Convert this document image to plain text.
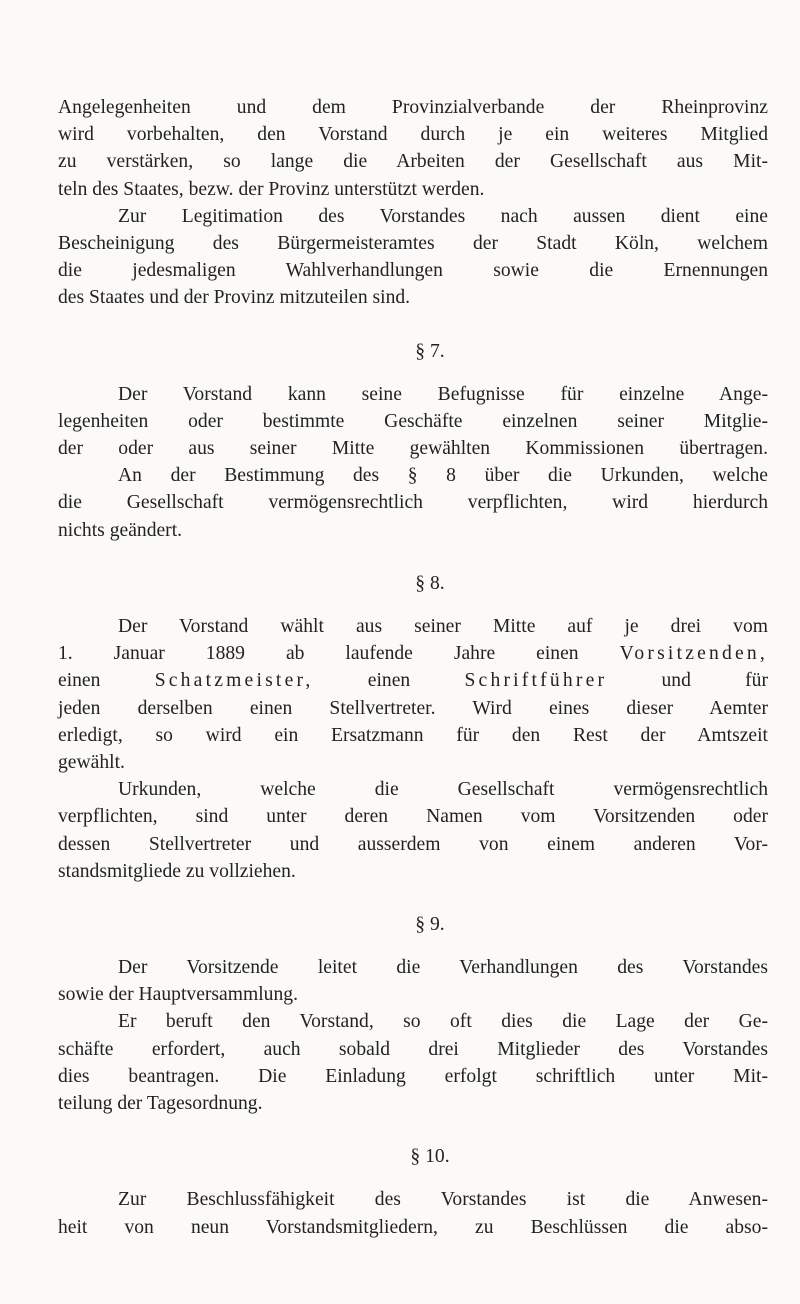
Angelegenheiten und dem Provinzialverbande der Rheinprovinz
wird vorbehalten, den Vorstand durch je ein weiteres Mitglied
zu verstärken, so lange die Arbeiten der Gesellschaft aus Mit-
teln des Staates, bezw. der Provinz unterstützt werden.
Zur Legitimation des Vorstandes nach aussen dient eine
Bescheinigung des Bürgermeisteramtes der Stadt Köln, welchem
die jedesmaligen Wahlverhandlungen sowie die Ernennungen
des Staates und der Provinz mitzuteilen sind.
§ 7.
Der Vorstand kann seine Befugnisse für einzelne Ange-
legenheiten oder bestimmte Geschäfte einzelnen seiner Mitglie-
der oder aus seiner Mitte gewählten Kommissionen übertragen.
An der Bestimmung des § 8 über die Urkunden, welche
die Gesellschaft vermögensrechtlich verpflichten, wird hierdurch
nichts geändert.
§ 8.
Der Vorstand wählt aus seiner Mitte auf je drei vom
1. Januar 1889 ab laufende Jahre einen Vorsitzenden,
einen Schatzmeister, einen Schriftführer und für
jeden derselben einen Stellvertreter. Wird eines dieser Aemter
erledigt, so wird ein Ersatzmann für den Rest der Amtszeit
gewählt.
Urkunden, welche die Gesellschaft vermögensrechtlich
verpflichten, sind unter deren Namen vom Vorsitzenden oder
dessen Stellvertreter und ausserdem von einem anderen Vor-
standsmitgliede zu vollziehen.
§ 9.
Der Vorsitzende leitet die Verhandlungen des Vorstandes
sowie der Hauptversammlung.
Er beruft den Vorstand, so oft dies die Lage der Ge-
schäfte erfordert, auch sobald drei Mitglieder des Vorstandes
dies beantragen. Die Einladung erfolgt schriftlich unter Mit-
teilung der Tagesordnung.
§ 10.
Zur Beschlussfähigkeit des Vorstandes ist die Anwesen-
heit von neun Vorstandsmitgliedern, zu Beschlüssen die abso-
